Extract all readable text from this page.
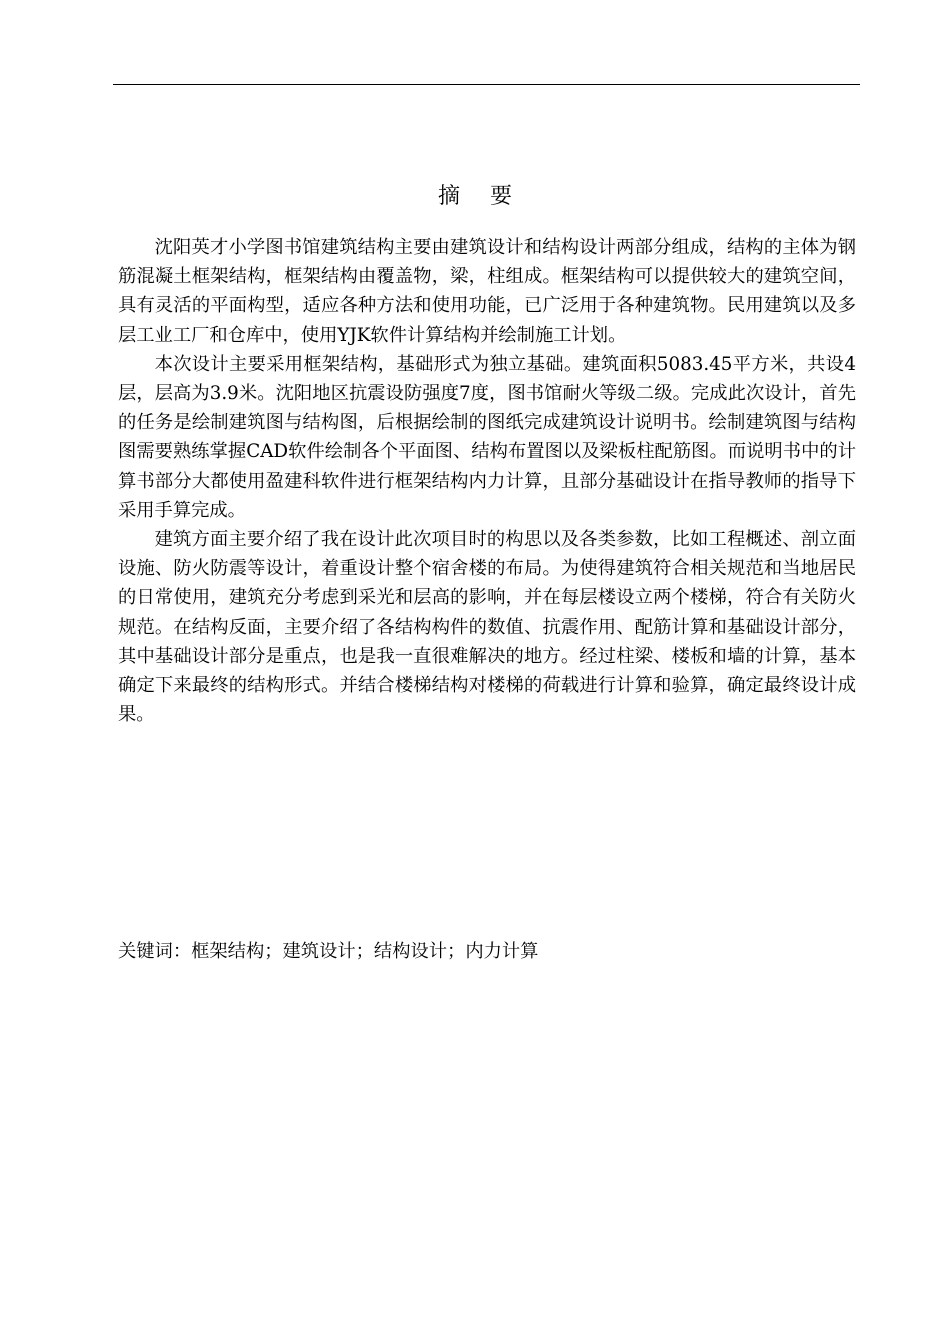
摘要

沈阳英才小学图书馆建筑结构主要由建筑设计和结构设计两部分组成，结构的主体为钢筋混凝土框架结构，框架结构由覆盖物，梁，柱组成。框架结构可以提供较大的建筑空间，具有灵活的平面构型，适应各种方法和使用功能，已广泛用于各种建筑物。民用建筑以及多层工业工厂和仓库中，使用YJK软件计算结构并绘制施工计划。

本次设计主要采用框架结构，基础形式为独立基础。建筑面积5083.45平方米，共设4层，层高为3.9米。沈阳地区抗震设防强度7度，图书馆耐火等级二级。完成此次设计，首先的任务是绘制建筑图与结构图，后根据绘制的图纸完成建筑设计说明书。绘制建筑图与结构图需要熟练掌握CAD软件绘制各个平面图、结构布置图以及梁板柱配筋图。而说明书中的计算书部分大都使用盈建科软件进行框架结构内力计算，且部分基础设计在指导教师的指导下采用手算完成。

建筑方面主要介绍了我在设计此次项目时的构思以及各类参数，比如工程概述、剖立面设施、防火防震等设计，着重设计整个宿舍楼的布局。为使得建筑符合相关规范和当地居民的日常使用，建筑充分考虑到采光和层高的影响，并在每层楼设立两个楼梯，符合有关防火规范。在结构反面，主要介绍了各结构构件的数值、抗震作用、配筋计算和基础设计部分，其中基础设计部分是重点，也是我一直很难解决的地方。经过柱梁、楼板和墙的计算，基本确定下来最终的结构形式。并结合楼梯结构对楼梯的荷载进行计算和验算，确定最终设计成果。

关键词：框架结构；建筑设计；结构设计；内力计算
